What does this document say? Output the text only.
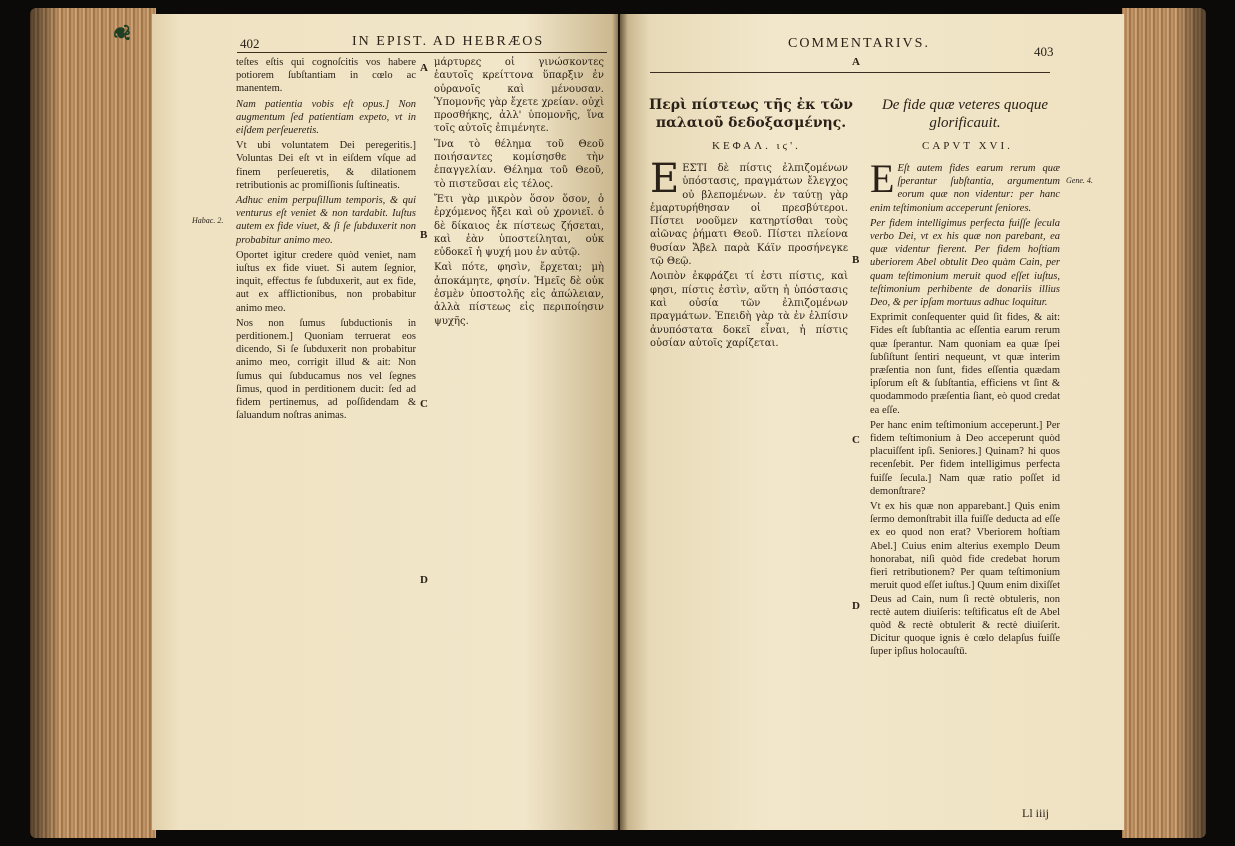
❦
402	IN EPIST. AD HEBRÆOS
Habac. 2.

teſtes eſtis qui cognoſcitis vos habere potiorem ſubſtantiam in cœlo ac manentem.

Nam patientia vobis eſt opus.] Non augmentum ſed patientiam expeto, vt in eiſdem perſeueretis.

Vt ubi voluntatem Dei peregeritis.] Voluntas Dei eſt vt in eiſdem vſque ad finem perſeueretis, & dilationem retributionis ac promiſſionis ſuſtineatis.

Adhuc enim perpuſillum temporis, & qui venturus eſt veniet & non tardabit. Iuſtus autem ex fide viuet, & ſi ſe ſubduxerit non probabitur animo meo.

Oportet igitur credere quòd veniet, nam iuſtus ex fide viuet. Si autem ſegnior, inquit, effectus fe ſubduxerit, aut ex fide, aut ex afflictionibus, non probabitur animo meo.

Nos non ſumus ſubductionis in perditionem.] Quoniam terruerat eos dicendo, Si ſe ſubduxerit non probabitur animo meo, corrigit illud & ait: Non ſumus qui ſubducamus nos vel ſegnes ſimus, quod in perditionem ducit: ſed ad fidem pertinemus, ad poſſidendam & ſaluandum noſtras animas.

A
B
C
D

μάρτυρες οἱ γινώσκοντες ἑαυτοῖς κρείττονα ὕπαρξιν ἐν οὐρανοῖς καὶ μένουσαν. Ὑπομονῆς γὰρ ἔχετε χρείαν. οὐχὶ προσθήκης, ἀλλ' ὑπομονῆς, ἵνα τοῖς αὐτοῖς ἐπιμένητε.

Ἵνα τὸ θέλημα τοῦ Θεοῦ ποιήσαντες κομίσησθε τὴν ἐπαγγελίαν. Θέλημα τοῦ Θεοῦ, τὸ πιστεῦσαι εἰς τέλος.

Ἔτι γὰρ μικρὸν ὅσον ὅσον, ὁ ἐρχόμενος ἥξει καὶ οὐ χρονιεῖ. ὁ δὲ δίκαιος ἐκ πίστεως ζήσεται, καὶ ἐὰν ὑποστείληται, οὐκ εὐδοκεῖ ἡ ψυχή μου ἐν αὐτῷ.

Καὶ πότε, φησὶν, ἔρχεται; μὴ ἀποκάμητε, φησίν. Ἡμεῖς δὲ οὐκ ἐσμὲν ὑποστολῆς εἰς ἀπώλειαν, ἀλλὰ πίστεως εἰς περιποίησιν ψυχῆς.

COMMENTARIVS.
403
A
Περὶ πίστεως τῆς ἐκ τῶν παλαιοῦ δεδοξασμένης.
De fide quæ veteres quoque glorificauit.
ΚΕΦΑΛ. ιϛ'.	CAPVT XVI.
Gene. 4.

EΕΣΤΙ δὲ πίστις ἐλπιζομένων ὑπόστασις, πραγμάτων ἔλεγχος οὐ βλεπομένων. ἐν ταύτῃ γὰρ ἐμαρτυρήθησαν οἱ πρεσβύτεροι. Πίστει νοοῦμεν κατηρτίσθαι τοὺς αἰῶνας ῥήματι Θεοῦ. Πίστει πλείονα θυσίαν Ἄβελ παρὰ Κάϊν προσήνεγκε τῷ Θεῷ.

Λοιπὸν ἐκφράζει τί ἐστι πίστις, καὶ φησι, πίστις ἐστὶν, αὕτη ἡ ὑπόστασις καὶ οὐσία τῶν ἐλπιζομένων πραγμάτων. Ἐπειδὴ γὰρ τὰ ἐν ἐλπίσιν ἀνυπόστατα δοκεῖ εἶναι, ἡ πίστις οὐσίαν αὐτοῖς χαρίζεται.

B
C
D

E Eſt autem fides earum rerum quæ ſperantur ſubſtantia, argumentum eorum quæ non videntur: per hanc enim teſtimonium acceperunt ſeniores.

Per fidem intelligimus perfecta fuiſſe ſecula verbo Dei, vt ex his quæ non parebant, ea quæ videntur fierent. Per fidem hoſtiam uberiorem Abel obtulit Deo quàm Cain, per quam teſtimonium meruit quod eſſet iuſtus, teſtimonium perhibente de donariis illius Deo, & per ipſam mortuus adhuc loquitur.

Exprimit conſequenter quid ſit fides, & ait: Fides eſt ſubſtantia ac eſſentia earum rerum quæ ſperantur. Nam quoniam ea quæ ſpei ſubſiſtunt ſentiri nequeunt, vt quæ interim præſentia non ſunt, fides eſſentia quædam ipſorum eſt & ſubſtantia, efficiens vt ſint & quodammodo præſentia ſiant, eò quod credat ea eſſe.

Per hanc enim teſtimonium acceperunt.] Per fidem teſtimonium à Deo acceperunt quòd placuiſſent ipſi. Seniores.] Quinam? hi quos recenſebit. Per fidem intelligimus perfecta fuiſſe ſecula.] Nam quæ ratio poſſet id demonſtrare?

Vt ex his quæ non apparebant.] Quis enim ſermo demonſtrabit illa fuiſſe deducta ad eſſe ex eo quod non erat? Vberiorem hoſtiam Abel.] Cuius enim alterius exemplo Deum honorabat, niſi quòd fide credebat horum fieri retributionem? Per quam teſtimonium meruit quod eſſet iuſtus.] Quum enim dixiſſet Deus ad Cain, num ſi rectè obtuleris, non rectè autem diuiſeris: teſtificatus eſt de Abel quòd & rectè obtulerit & rectè diuiſerit. Dicitur quoque ignis è cœlo delapſus fuiſſe ſuper ipſius holocauſtū.

Ll iiij
